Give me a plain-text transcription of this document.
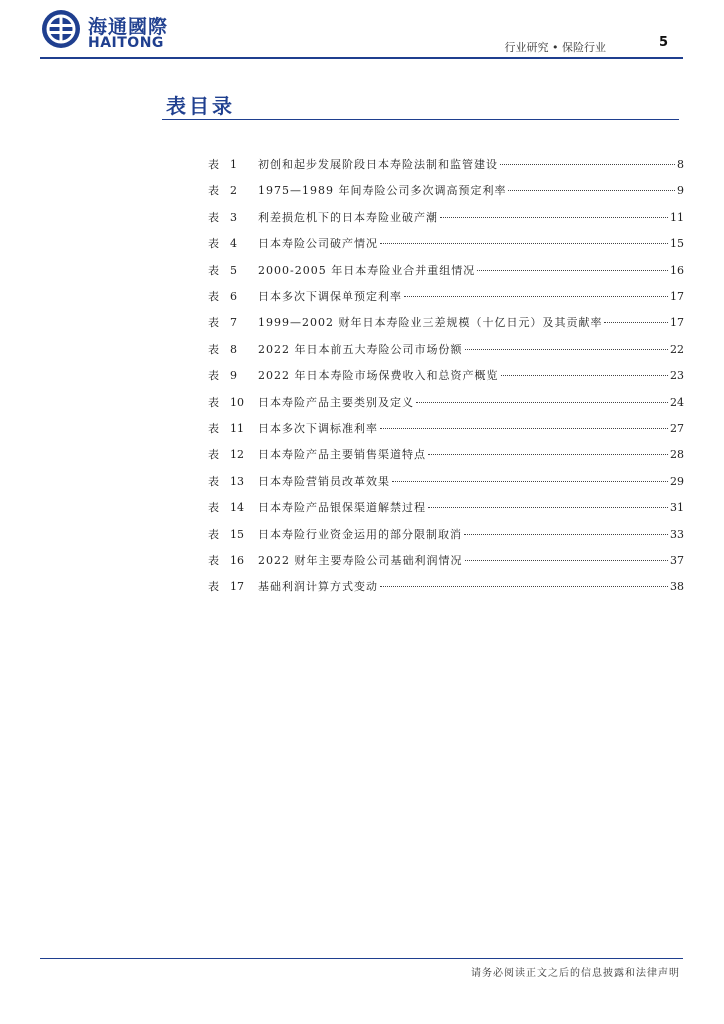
海通國際
HAITONG	行业研究 • 保险行业	5
表目录
表 1	初创和起步发展阶段日本寿险法制和监管建设	8
表 2	1975—1989 年间寿险公司多次调高预定利率	9
表 3	利差损危机下的日本寿险业破产潮	11
表 4	日本寿险公司破产情况	15
表 5	2000-2005 年日本寿险业合并重组情况	16
表 6	日本多次下调保单预定利率	17
表 7	1999—2002 财年日本寿险业三差规模（十亿日元）及其贡献率	17
表 8	2022 年日本前五大寿险公司市场份额	22
表 9	2022 年日本寿险市场保费收入和总资产概览	23
表 10	日本寿险产品主要类别及定义	24
表 11	日本多次下调标准利率	27
表 12	日本寿险产品主要销售渠道特点	28
表 13	日本寿险营销员改革效果	29
表 14	日本寿险产品银保渠道解禁过程	31
表 15	日本寿险行业资金运用的部分限制取消	33
表 16	2022 财年主要寿险公司基础利润情况	37
表 17	基础利润计算方式变动	38
请务必阅读正文之后的信息披露和法律声明
